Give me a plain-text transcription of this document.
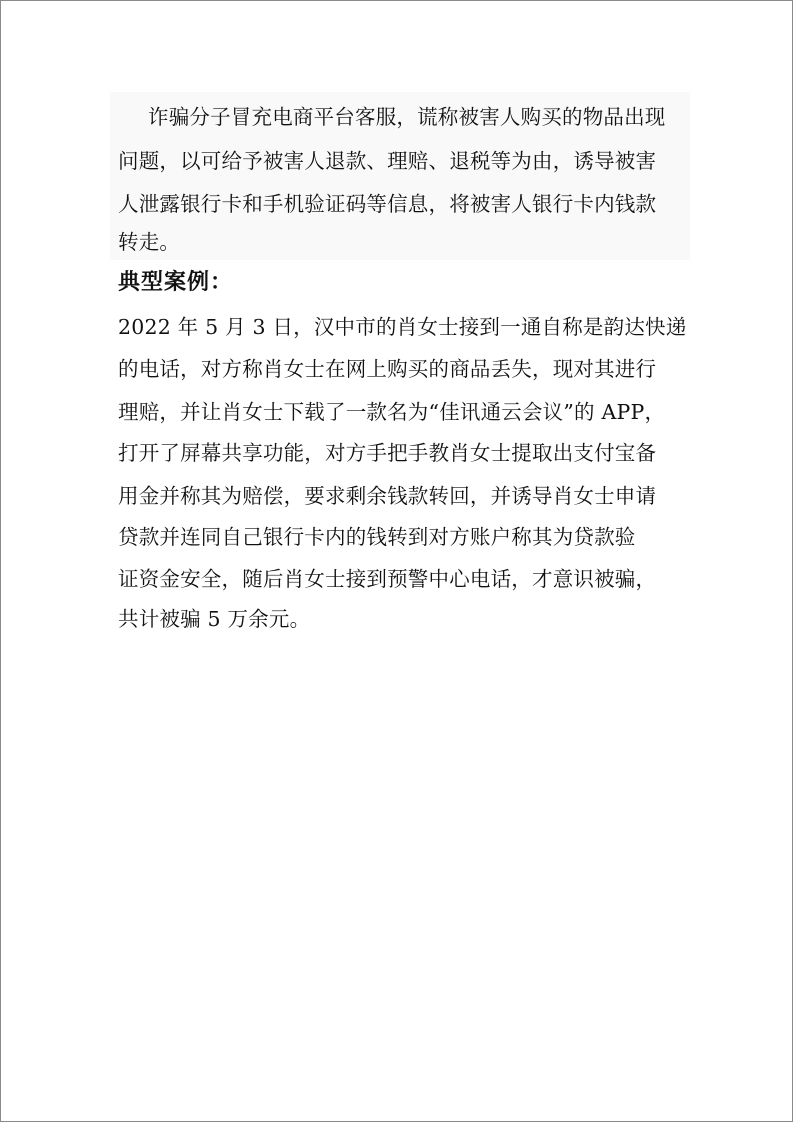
诈骗分子冒充电商平台客服，谎称被害人购买的物品出现
问题，以可给予被害人退款、理赔、退税等为由，诱导被害
人泄露银行卡和手机验证码等信息，将被害人银行卡内钱款
转走。
典型案例：
2022 年 5 月 3 日，汉中市的肖女士接到一通自称是韵达快递
的电话，对方称肖女士在网上购买的商品丢失，现对其进行
理赔，并让肖女士下载了一款名为“佳讯通云会议”的 APP，
打开了屏幕共享功能，对方手把手教肖女士提取出支付宝备
用金并称其为赔偿，要求剩余钱款转回，并诱导肖女士申请
贷款并连同自己银行卡内的钱转到对方账户称其为贷款验
证资金安全，随后肖女士接到预警中心电话，才意识被骗，
共计被骗 5 万余元。
